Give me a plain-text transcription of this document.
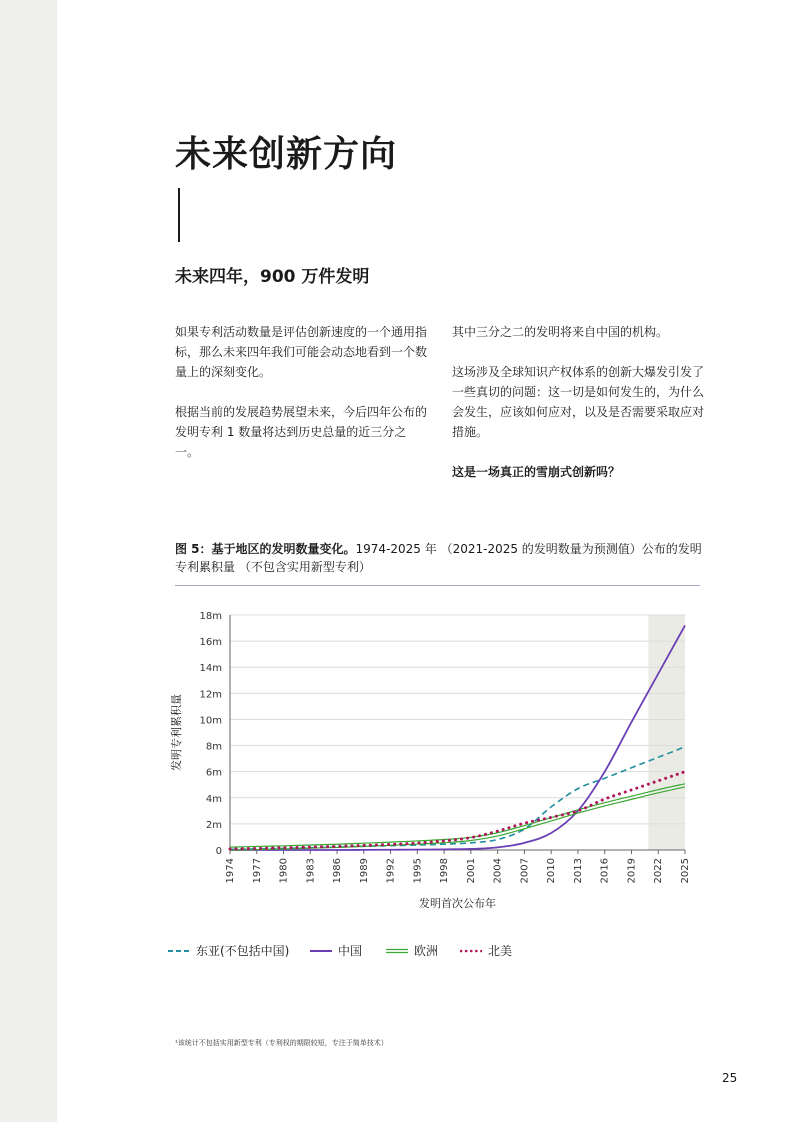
未来创新方向
未来四年，900 万件发明

如果专利活动数量是评估创新速度的一个通用指标，那么未来四年我们可能会动态地看到一个数量上的深刻变化。

根据当前的发展趋势展望未来，今后四年公布的发明专利 1 数量将达到历史总量的近三分之一。

其中三分之二的发明将来自中国的机构。

这场涉及全球知识产权体系的创新大爆发引发了一些真切的问题：这一切是如何发生的，为什么会发生，应该如何应对，以及是否需要采取应对措施。

这是一场真正的雪崩式创新吗？

图 5：基于地区的发明数量变化。1974-2025 年 （2021-2025 的发明数量为预测值）公布的发明专利累积量 （不包含实用新型专利）
0
2m
4m
6m
8m
10m
12m
14m
16m
18m
1974 1977 1980 1983 1986 1989 1992 1995 1998 2001 2004 2007 2010 2013 2016 2019 2022 2025
发明首次公布年
发明专利累积量
东亚(不包括中国)	中国	欧洲	北美
¹该统计不包括实用新型专利（专利权的期限较短，专注于简单技术）
25
